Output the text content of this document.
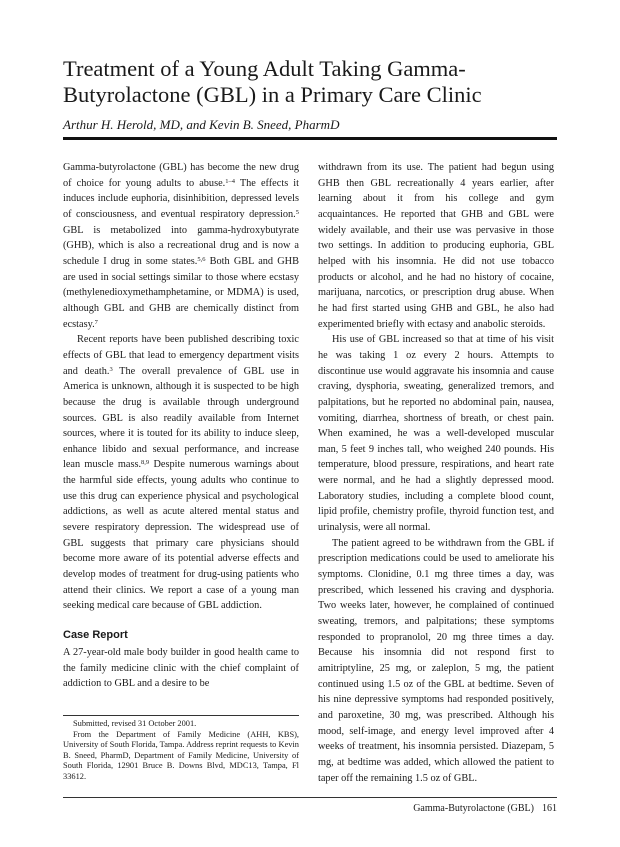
Treatment of a Young Adult Taking Gamma-Butyrolactone (GBL) in a Primary Care Clinic
Arthur H. Herold, MD, and Kevin B. Sneed, PharmD

Gamma-butyrolactone (GBL) has become the new drug of choice for young adults to abuse.$^{1-4}$ The effects it induces include euphoria, disinhibition, depressed levels of consciousness, and eventual respiratory depression.$^5$ GBL is metabolized into gamma-hydroxybutyrate (GHB), which is also a recreational drug and is now a schedule I drug in some states.$^{5,6}$ Both GBL and GHB are used in social settings similar to those where ecstasy (methylenedioxymethamphetamine, or MDMA) is used, although GBL and GHB are chemically distinct from ecstasy.$^7$

Recent reports have been published describing toxic effects of GBL that lead to emergency department visits and death.$^3$ The overall prevalence of GBL use in America is unknown, although it is suspected to be high because the drug is available through underground sources. GBL is also readily available from Internet sources, where it is touted for its ability to induce sleep, enhance libido and sexual performance, and increase lean muscle mass.$^{8,9}$ Despite numerous warnings about the harmful side effects, young adults who continue to use this drug can experience physical and psychological addictions, as well as acute altered mental status and severe respiratory depression. The widespread use of GBL suggests that primary care physicians should become more aware of its potential adverse effects and develop modes of treatment for drug-using patients who attend their clinics. We report a case of a young man seeking medical care because of GBL addiction.

Case Report

A 27-year-old male body builder in good health came to the family medicine clinic with the chief complaint of addiction to GBL and a desire to be

Submitted, revised 31 October 2001.

From the Department of Family Medicine (AHH, KBS), University of South Florida, Tampa. Address reprint requests to Kevin B. Sneed, PharmD, Department of Family Medicine, University of South Florida, 12901 Bruce B. Downs Blvd, MDC13, Tampa, Fl 33612.

withdrawn from its use. The patient had begun using GHB then GBL recreationally 4 years earlier, after learning about it from his college and gym acquaintances. He reported that GHB and GBL were widely available, and their use was pervasive in those two settings. In addition to producing euphoria, GBL helped with his insomnia. He did not use tobacco products or alcohol, and he had no history of cocaine, marijuana, narcotics, or prescription drug abuse. When he had first started using GHB and GBL, he also had experimented briefly with ectasy and anabolic steroids.

His use of GBL increased so that at time of his visit he was taking 1 oz every 2 hours. Attempts to discontinue use would aggravate his insomnia and cause craving, dysphoria, sweating, generalized tremors, and palpitations, but he reported no abdominal pain, nausea, vomiting, diarrhea, shortness of breath, or chest pain. When examined, he was a well-developed muscular man, 5 feet 9 inches tall, who weighed 240 pounds. His temperature, blood pressure, respirations, and heart rate were normal, and he had a slightly depressed mood. Laboratory studies, including a complete blood count, lipid profile, chemistry profile, thyroid function test, and urinalysis, were all normal.

The patient agreed to be withdrawn from the GBL if prescription medications could be used to ameliorate his symptoms. Clonidine, 0.1 mg three times a day, was prescribed, which lessened his craving and dysphoria. Two weeks later, however, he complained of continued sweating, tremors, and palpitations; these symptoms responded to propranolol, 20 mg three times a day. Because his insomnia did not respond first to amitriptyline, 25 mg, or zaleplon, 5 mg, the patient continued using 1.5 oz of the GBL at bedtime. Seven of his nine depressive symptoms had responded positively, and paroxetine, 30 mg, was prescribed. Although his mood, self-image, and energy level improved after 4 weeks of treatment, his insomnia persisted. Diazepam, 5 mg, at bedtime was added, which allowed the patient to taper off the remaining 1.5 oz of GBL.

Gamma-Butyrolactone (GBL) 161
